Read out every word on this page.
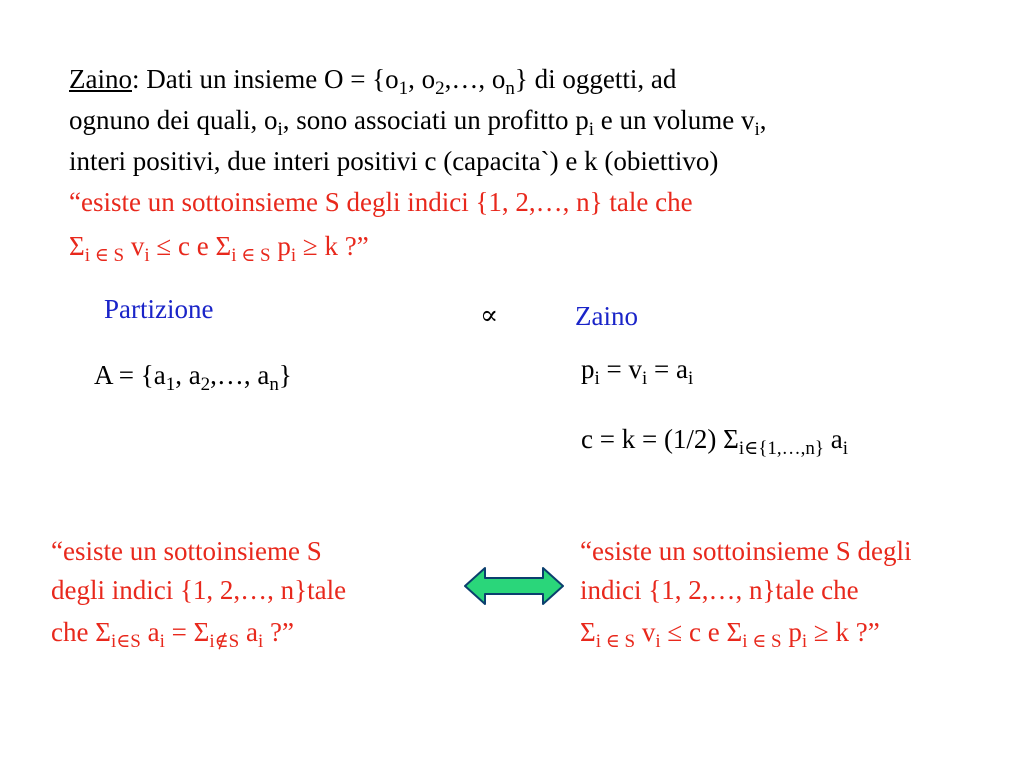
Zaino: Dati un insieme $O = \{o_1$, $o_2,\dots$, $o_n$} di oggetti, ad
ognuno dei quali, $o_i$, sono associati un profitto $p_i$ e un volume $v_i$,
interi positivi, due interi positivi c (capacita`) e k (obiettivo)
“esiste un sottoinsieme S degli indici {1, 2,…, n} tale che
$\Sigma_{i \in S}$ $v_i \le c$ e $\Sigma_{i \in S}$ $p_i \ge k$ ?”
Partizione	∝	Zaino
$A = \{a_1$, $a_2,\dots$, $a_n$}	$p_i = v_i = a_i$
c = k = (1/2) $\Sigma_{i\in\{1,\dots,n\}}$ $a_i$
“esiste un sottoinsieme S
degli indici {1, 2,…, n}tale
che $\Sigma_{i\in S}$ $a_i = \Sigma_{i\notin S}$ $a_i$ ?”
“esiste un sottoinsieme S degli
indici {1, 2,…, n}tale che
$\Sigma_{i \in S}$ $v_i \le c$ e $\Sigma_{i \in S}$ $p_i \ge k$ ?”
